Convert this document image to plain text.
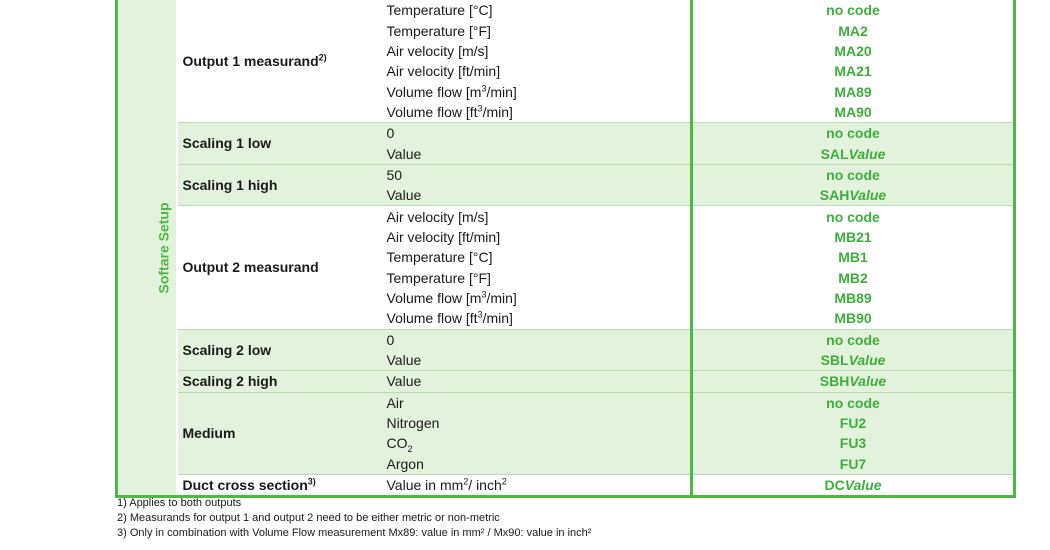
Softare Setup	Output 1 measurand$^{2)}$	Temperature [°C]	no code
		Temperature [°F]	MA2
		Air velocity [m/s]	MA20
		Air velocity [ft/min]	MA21
		Volume flow $[m^3/\min]$	MA89
		Volume flow $[ft^3/\min]$	MA90
	Scaling 1 low	0	no code
		Value	SALValue
	Scaling 1 high	50	no code
		Value	SAHValue
	Output 2 measurand	Air velocity [m/s]	no code
		Air velocity [ft/min]	MB21
		Temperature [°C]	MB1
		Temperature [°F]	MB2
		Volume flow $[m^3/\min]$	MB89
		Volume flow $[ft^3/\min]$	MB90
	Scaling 2 low	0	no code
		Value	SBLValue
	Scaling 2 high	Value	SBHValue
	Medium	Air	no code
		Nitrogen	FU2
		$CO_2$	FU3
		Argon	FU7
	Duct cross section$^{3)}$	Value in $mm^2/$ inch$^2$	DCValue
1) Applies to both outputs
2) Measurands for output 1 and output 2 need to be either metric or non-metric
3) Only in combination with Volume Flow measurement Mx89: value in mm² / Mx90: value in inch²
